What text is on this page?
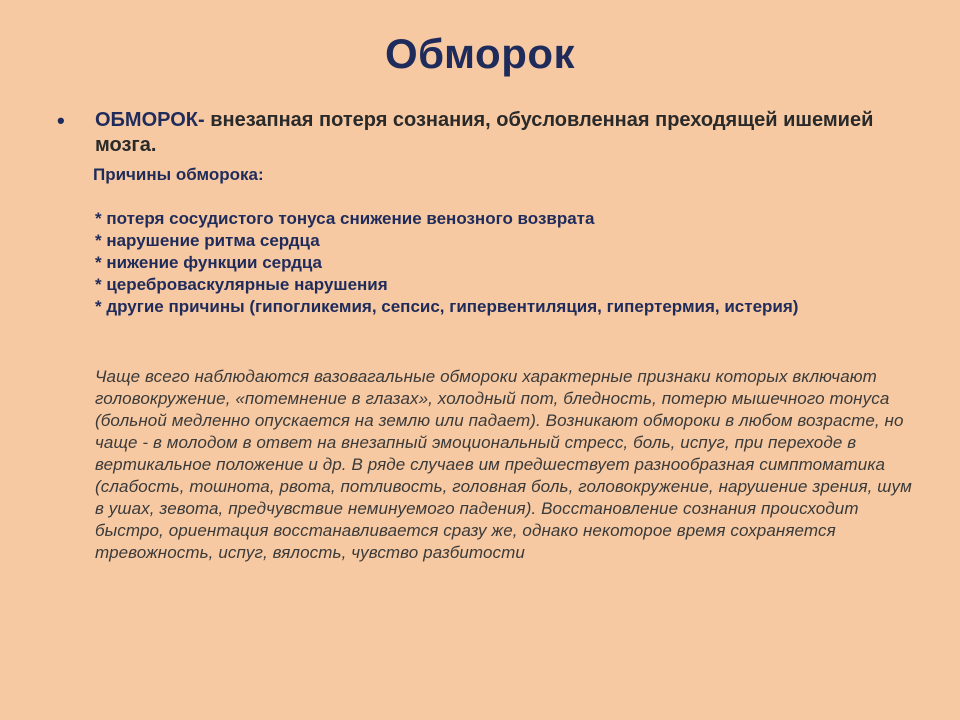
Обморок
• ОБМОРОК- внезапная потеря сознания, обусловленная преходящей ишемией мозга.
Причины обморока:
* потеря сосудистого тонуса снижение венозного возврата
* нарушение ритма сердца
* нижение функции сердца
* цереброваскулярные нарушения
* другие причины (гипогликемия, сепсис, гипервентиляция, гипертермия, истерия)
Чаще всего наблюдаются вазовагальные обмороки характерные признаки которых включают головокружение, «потемнение в глазах», холодный пот, бледность, потерю мышечного тонуса (больной медленно опускается на землю или падает). Возникают обмороки в любом возрасте, но чаще - в молодом в ответ на внезапный эмоциональный стресс, боль, испуг, при переходе в вертикальное положение и др. В ряде случаев им предшествует разнообразная симптоматика (слабость, тошнота, рвота, потливость, головная боль, головокружение, нарушение зрения, шум в ушах, зевота, предчувствие неминуемого падения). Восстановление сознания происходит быстро, ориентация восстанавливается сразу же, однако некоторое время сохраняется тревожность, испуг, вялость, чувство разбитости
